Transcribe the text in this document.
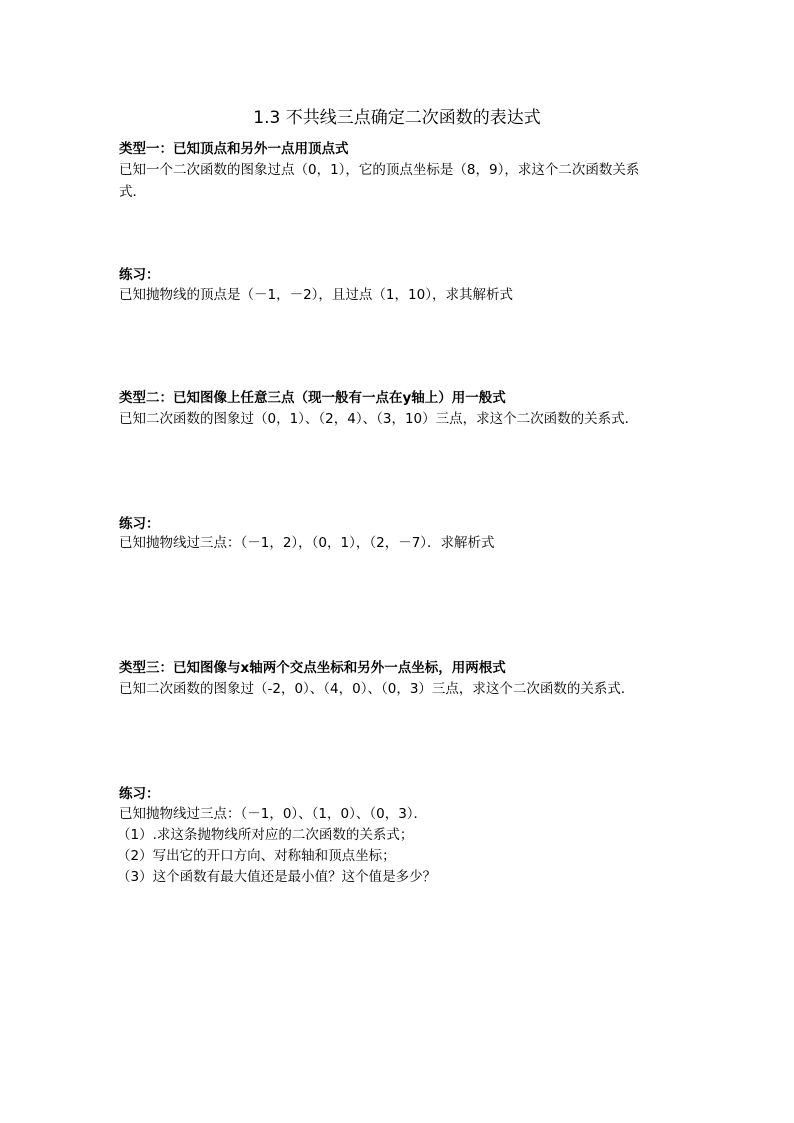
1.3 不共线三点确定二次函数的表达式
类型一：已知顶点和另外一点用顶点式
已知一个二次函数的图象过点（0，1），它的顶点坐标是（8，9），求这个二次函数关系
式．
练习：
已知抛物线的顶点是（－1，－2），且过点（1，10），求其解析式
类型二：已知图像上任意三点（现一般有一点在y轴上）用一般式
已知二次函数的图象过（0，1）、（2，4）、（3，10）三点，求这个二次函数的关系式．
练习：
已知抛物线过三点：（－1，2），（0，1），（2，－7）．求解析式
类型三：已知图像与x轴两个交点坐标和另外一点坐标，用两根式
已知二次函数的图象过（-2，0）、（4，0）、（0，3）三点，求这个二次函数的关系式．
练习：
已知抛物线过三点：（－1，0）、（1，0）、（0，3）．
（1）.求这条抛物线所对应的二次函数的关系式；
（2）写出它的开口方向、对称轴和顶点坐标；
（3）这个函数有最大值还是最小值？这个值是多少？
